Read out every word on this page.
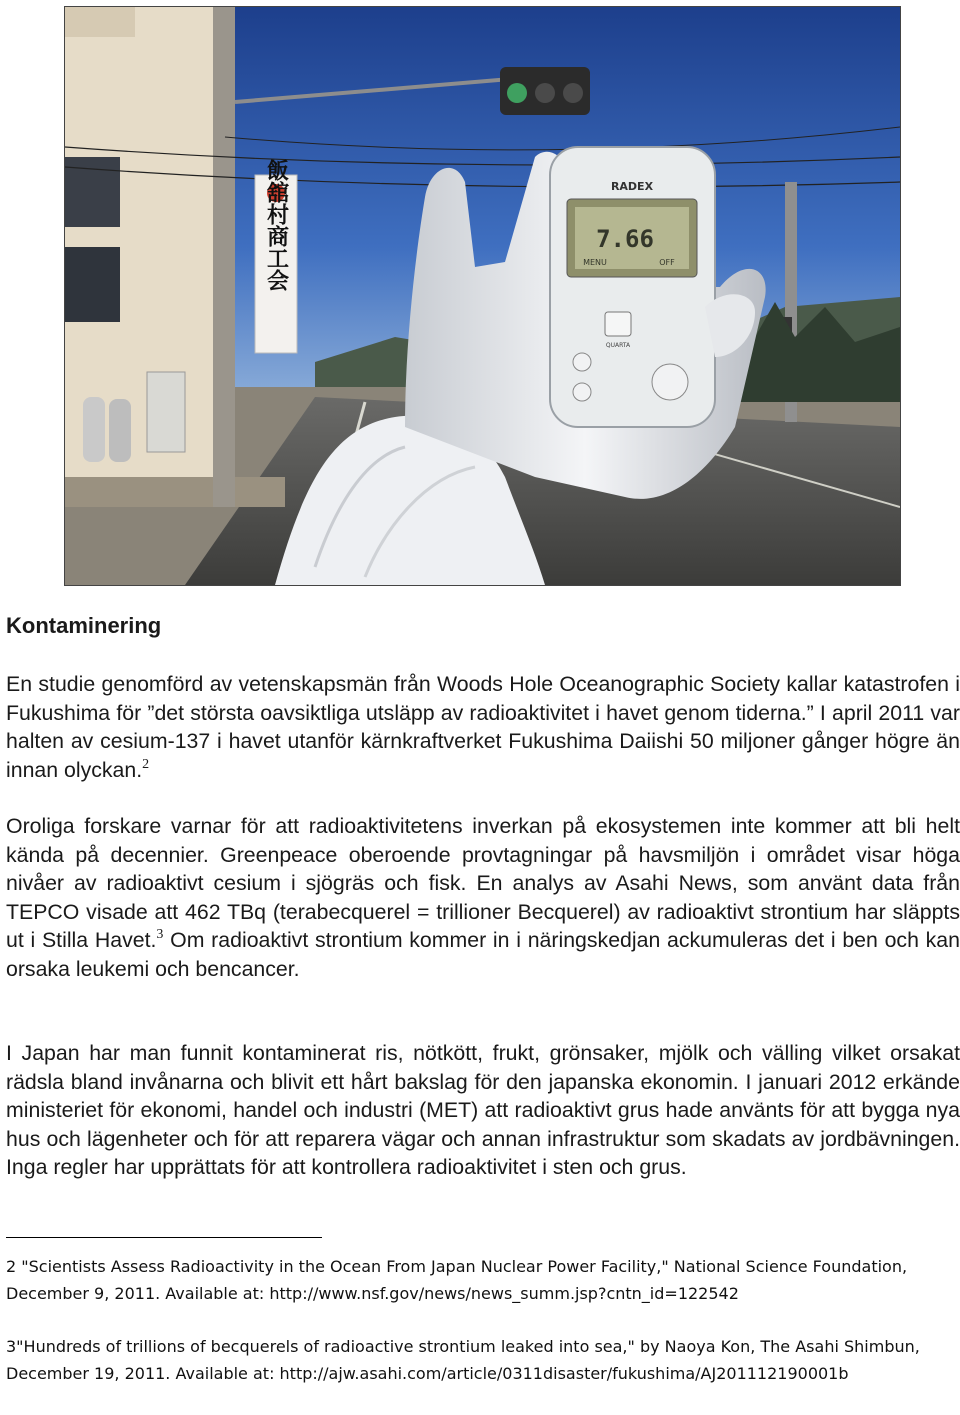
飯舘村商工会	RADEX
7.66
MENU	OFF
QUARTA
Kontaminering

En studie genomförd av vetenskapsmän från Woods Hole Oceanographic Society kallar katastrofen i Fukushima för ”det största oavsiktliga utsläpp av radioaktivitet i havet genom tiderna.” I april 2011 var halten av cesium-137 i havet utanför kärnkraftverket Fukushima Daiishi 50 miljoner gånger högre än innan olyckan.$^2$

Oroliga forskare varnar för att radioaktivitetens inverkan på ekosystemen inte kommer att bli helt kända på decennier. Greenpeace oberoende provtagningar på havsmiljön i området visar höga nivåer av radioaktivt cesium i sjögräs och fisk. En analys av Asahi News, som använt data från TEPCO visade att 462 TBq (terabecquerel = trillioner Becquerel) av radioaktivt strontium har släppts ut i Stilla Havet.$^3$ Om radioaktivt strontium kommer in i näringskedjan ackumuleras det i ben och kan orsaka leukemi och bencancer.

I Japan har man funnit kontaminerat ris, nötkött, frukt, grönsaker, mjölk och välling vilket orsakat rädsla bland invånarna och blivit ett hårt bakslag för den japanska ekonomin. I januari 2012 erkände ministeriet för ekonomi, handel och industri (MET) att radioaktivt grus hade använts för att bygga nya hus och lägenheter och för att reparera vägar och annan infrastruktur som skadats av jordbävningen. Inga regler har upprättats för att kontrollera radioaktivitet i sten och grus.

2 "Scientists Assess Radioactivity in the Ocean From Japan Nuclear Power Facility," National Science Foundation, December 9, 2011. Available at: http://www.nsf.gov/news/news_summ.jsp?cntn_id=122542

3"Hundreds of trillions of becquerels of radioactive strontium leaked into sea," by Naoya Kon, The Asahi Shimbun, December 19, 2011. Available at: http://ajw.asahi.com/article/0311disaster/fukushima/AJ201112190001b
